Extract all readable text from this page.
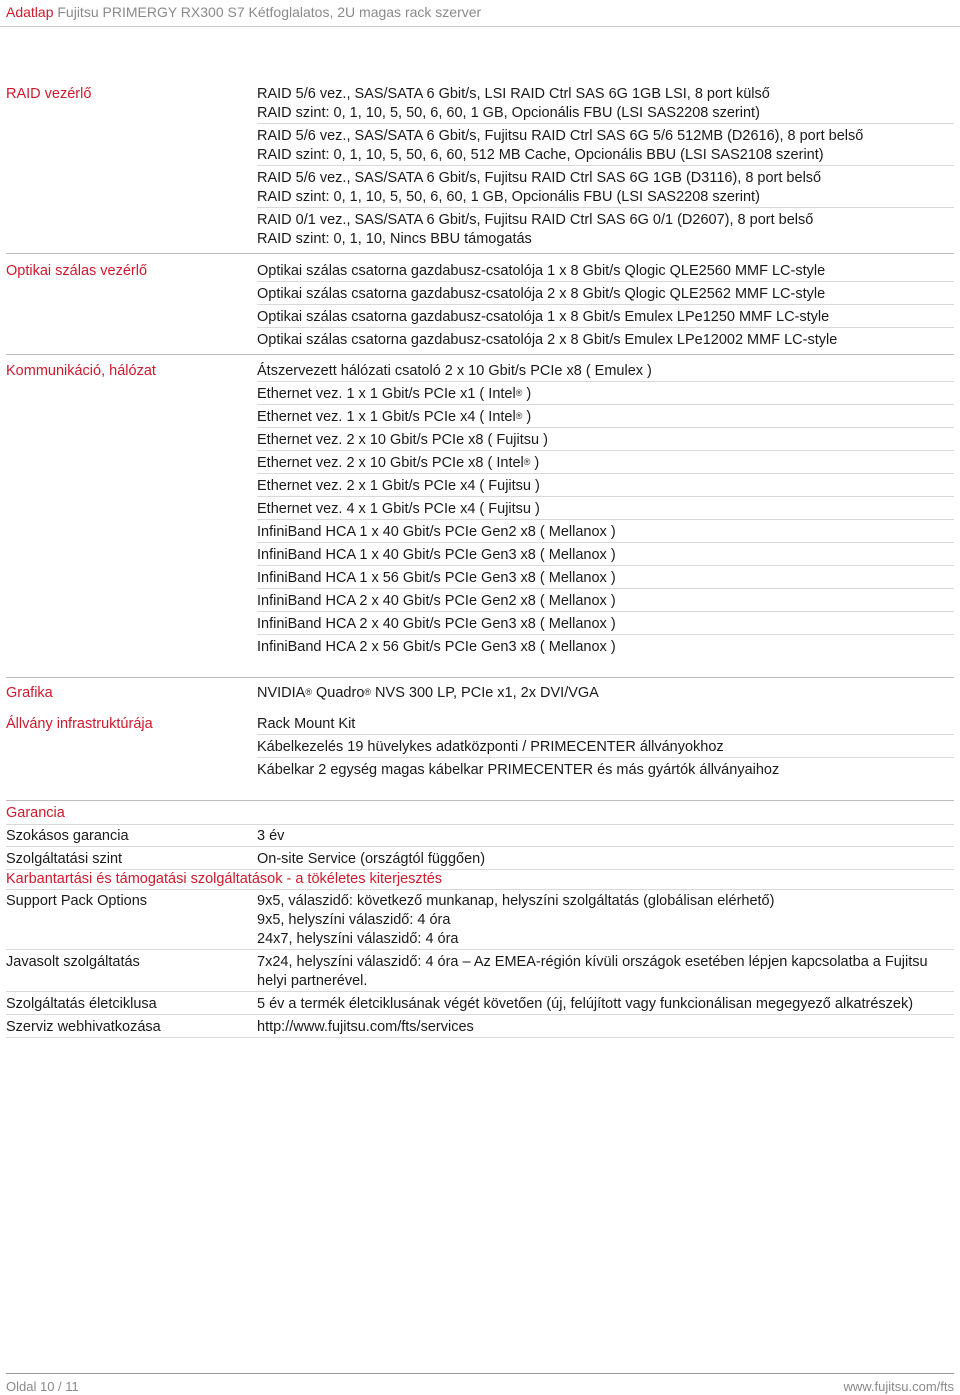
Adatlap Fujitsu PRIMERGY RX300 S7 Kétfoglalatos, 2U magas rack szerver
RAID vezérlő	RAID 5/6 vez., SAS/SATA 6 Gbit/s, LSI RAID Ctrl SAS 6G 1GB LSI, 8 port külső
RAID szint: 0, 1, 10, 5, 50, 6, 60, 1 GB, Opcionális FBU (LSI SAS2208 szerint)
RAID 5/6 vez., SAS/SATA 6 Gbit/s, Fujitsu RAID Ctrl SAS 6G 5/6 512MB (D2616), 8 port belső
RAID szint: 0, 1, 10, 5, 50, 6, 60, 512 MB Cache, Opcionális BBU (LSI SAS2108 szerint)
RAID 5/6 vez., SAS/SATA 6 Gbit/s, Fujitsu RAID Ctrl SAS 6G 1GB (D3116), 8 port belső
RAID szint: 0, 1, 10, 5, 50, 6, 60, 1 GB, Opcionális FBU (LSI SAS2208 szerint)
RAID 0/1 vez., SAS/SATA 6 Gbit/s, Fujitsu RAID Ctrl SAS 6G 0/1 (D2607), 8 port belső
RAID szint: 0, 1, 10, Nincs BBU támogatás
Optikai szálas vezérlő	Optikai szálas csatorna gazdabusz-csatolója 1 x 8 Gbit/s Qlogic QLE2560 MMF LC-style
Optikai szálas csatorna gazdabusz-csatolója 2 x 8 Gbit/s Qlogic QLE2562 MMF LC-style
Optikai szálas csatorna gazdabusz-csatolója 1 x 8 Gbit/s Emulex LPe1250 MMF LC-style
Optikai szálas csatorna gazdabusz-csatolója 2 x 8 Gbit/s Emulex LPe12002 MMF LC-style
Kommunikáció, hálózat	Átszervezett hálózati csatoló 2 x 10 Gbit/s PCIe x8 ( Emulex )
Ethernet vez. 1 x 1 Gbit/s PCIe x1 ( Intel® )
Ethernet vez. 1 x 1 Gbit/s PCIe x4 ( Intel® )
Ethernet vez. 2 x 10 Gbit/s PCIe x8 ( Fujitsu )
Ethernet vez. 2 x 10 Gbit/s PCIe x8 ( Intel® )
Ethernet vez. 2 x 1 Gbit/s PCIe x4 ( Fujitsu )
Ethernet vez. 4 x 1 Gbit/s PCIe x4 ( Fujitsu )
InfiniBand HCA 1 x 40 Gbit/s PCIe Gen2 x8 ( Mellanox )
InfiniBand HCA 1 x 40 Gbit/s PCIe Gen3 x8 ( Mellanox )
InfiniBand HCA 1 x 56 Gbit/s PCIe Gen3 x8 ( Mellanox )
InfiniBand HCA 2 x 40 Gbit/s PCIe Gen2 x8 ( Mellanox )
InfiniBand HCA 2 x 40 Gbit/s PCIe Gen3 x8 ( Mellanox )
InfiniBand HCA 2 x 56 Gbit/s PCIe Gen3 x8 ( Mellanox )
Grafika	NVIDIA® Quadro® NVS 300 LP, PCIe x1, 2x DVI/VGA
Állvány infrastruktúrája	Rack Mount Kit
Kábelkezelés 19 hüvelykes adatközponti / PRIMECENTER állványokhoz
Kábelkar 2 egység magas kábelkar PRIMECENTER és más gyártók állványaihoz
Garancia
Szokásos garancia	3 év
Szolgáltatási szint	On-site Service (országtól függően)
Karbantartási és támogatási szolgáltatások - a tökéletes kiterjesztés
Support Pack Options	9x5, válaszidő: következő munkanap, helyszíni szolgáltatás (globálisan elérhető)
9x5, helyszíni válaszidő: 4 óra
24x7, helyszíni válaszidő: 4 óra
Javasolt szolgáltatás	7x24, helyszíni válaszidő: 4 óra – Az EMEA-régión kívüli országok esetében lépjen kapcsolatba a Fujitsu
helyi partnerével.
Szolgáltatás életciklusa	5 év a termék életciklusának végét követően (új, felújított vagy funkcionálisan megegyező alkatrészek)
Szerviz webhivatkozása	http://www.fujitsu.com/fts/services
Oldal 10 / 11	www.fujitsu.com/fts
